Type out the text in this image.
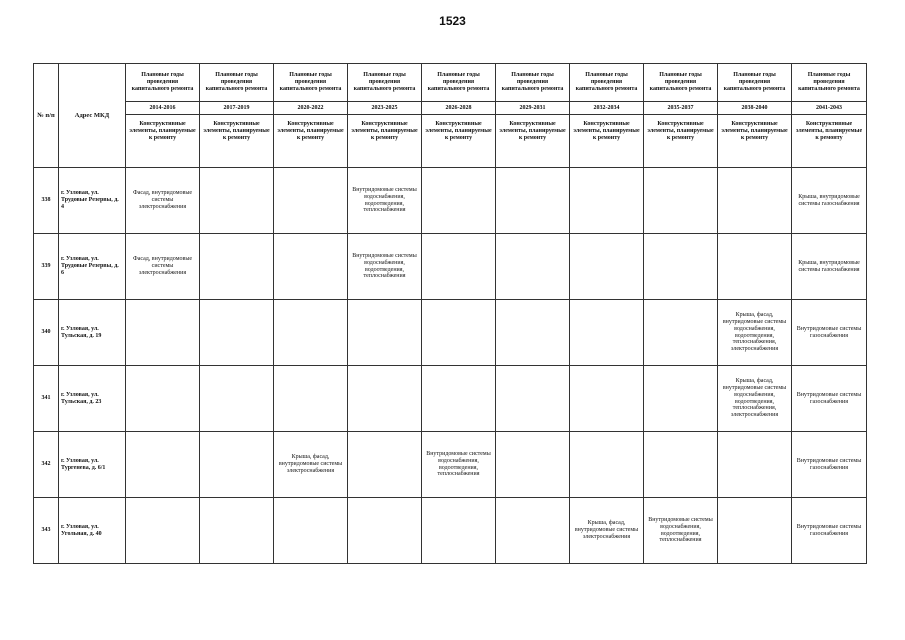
1523
№ п/п	Адрес МКД	Плановые годы проведения капитального ремонта	Плановые годы проведения капитального ремонта	Плановые годы проведения капитального ремонта	Плановые годы проведения капитального ремонта	Плановые годы проведения капитального ремонта	Плановые годы проведения капитального ремонта	Плановые годы проведения капитального ремонта	Плановые годы проведения капитального ремонта	Плановые годы проведения капитального ремонта	Плановые годы проведения капитального ремонта
		2014-2016	2017-2019	2020-2022	2023-2025	2026-2028	2029-2031	2032-2034	2035-2037	2038-2040	2041-2043
		Конструктивные элементы, планируемые к ремонту	Конструктивные элементы, планируемые к ремонту	Конструктивные элементы, планируемые к ремонту	Конструктивные элементы, планируемые к ремонту	Конструктивные элементы, планируемые к ремонту	Конструктивные элементы, планируемые к ремонту	Конструктивные элементы, планируемые к ремонту	Конструктивные элементы, планируемые к ремонту	Конструктивные элементы, планируемые к ремонту	Конструктивные элементы, планируемые к ремонту
338	г. Узловая, ул. Трудовые Резервы, д. 4	Фасад, внутридомовые системы электроснабжения			Внутридомовые системы водоснабжения, водоотведения, теплоснабжения						Крыша, внутридомовые системы газоснабжения
339	г. Узловая, ул. Трудовые Резервы, д. 6	Фасад, внутридомовые системы электроснабжения			Внутридомовые системы водоснабжения, водоотведения, теплоснабжения						Крыша, внутридомовые системы газоснабжения
340	г. Узловая, ул. Тульская, д. 19									Крыша, фасад, внутридомовые системы водоснабжения, водоотведения, теплоснабжения, электроснабжения	Внутридомовые системы газоснабжения
341	г. Узловая, ул. Тульская, д. 23									Крыша, фасад, внутридомовые системы водоснабжения, водоотведения, теплоснабжения, электроснабжения	Внутридомовые системы газоснабжения
342	г. Узловая, ул. Тургенева, д. 6/1			Крыша, фасад, внутридомовые системы электроснабжения		Внутридомовые системы водоснабжения, водоотведения, теплоснабжения					Внутридомовые системы газоснабжения
343	г. Узловая, ул. Угольная, д. 40							Крыша, фасад, внутридомовые системы электроснабжения	Внутридомовые системы водоснабжения, водоотведения, теплоснабжения		Внутридомовые системы газоснабжения
